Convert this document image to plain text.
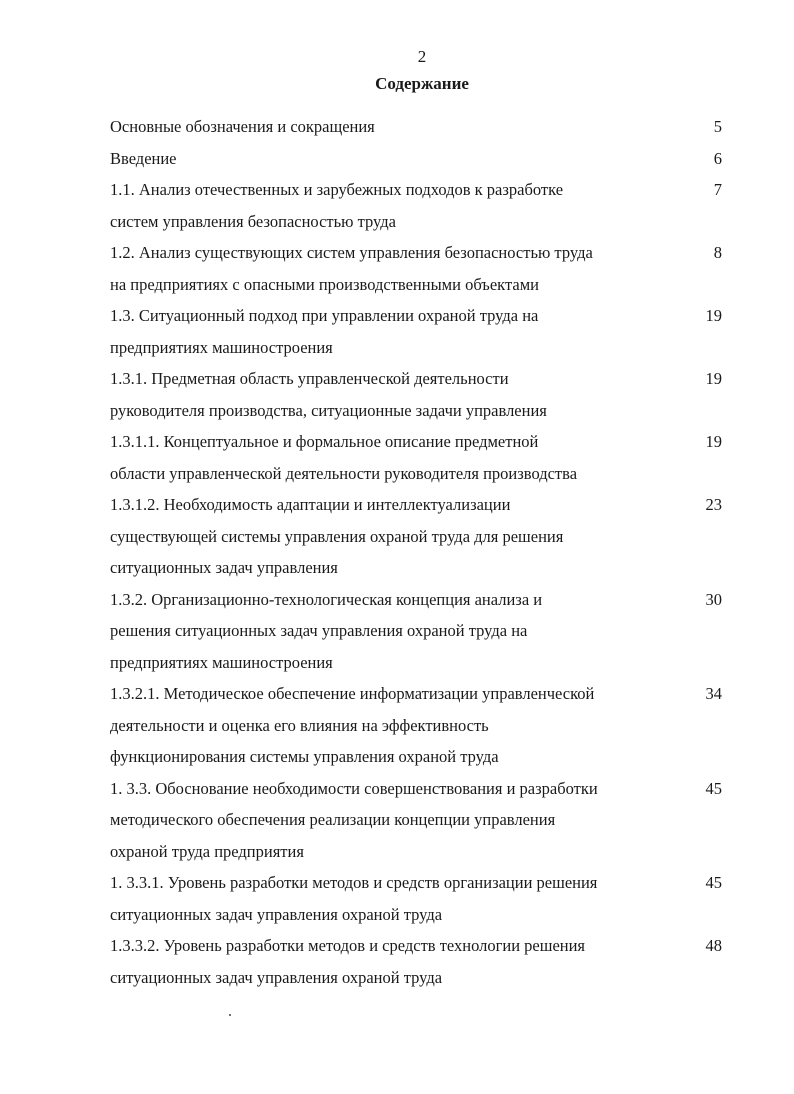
2
Содержание
Основные обозначения и сокращения	5
Введение	6
1.1. Анализ отечественных и зарубежных подходов к разработке
систем управления безопасностью труда
7
1.2. Анализ существующих систем управления безопасностью труда
на предприятиях с опасными производственными объектами
8
1.3. Ситуационный подход при управлении охраной труда на
предприятиях машиностроения
19
1.3.1. Предметная область управленческой деятельности
руководителя производства, ситуационные задачи управления
19
1.3.1.1. Концептуальное и формальное описание предметной
области управленческой деятельности руководителя производства
19
1.3.1.2. Необходимость адаптации и интеллектуализации
существующей системы управления охраной труда для решения
ситуационных задач управления
23
1.3.2. Организационно-технологическая концепция анализа и
решения ситуационных задач управления охраной труда на
предприятиях машиностроения
30
1.3.2.1. Методическое обеспечение информатизации управленческой
деятельности и оценка его влияния на эффективность
функционирования системы управления охраной труда
34
1. 3.3. Обоснование необходимости совершенствования и разработки
методического обеспечения реализации концепции управления
охраной труда предприятия
45
1. 3.3.1. Уровень разработки методов и средств организации решения
ситуационных задач управления охраной труда
45
1.3.3.2. Уровень разработки методов и средств технологии решения
ситуационных задач управления охраной труда
48
